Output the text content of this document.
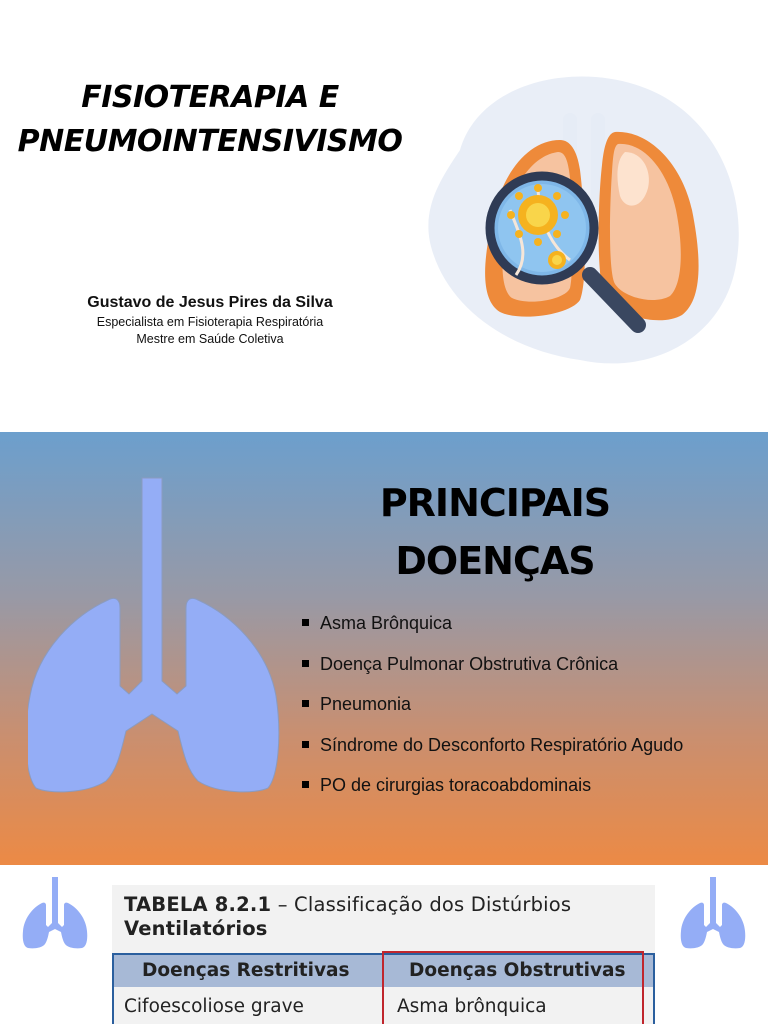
FISIOTERAPIA E
PNEUMOINTENSIVISMO
Gustavo de Jesus Pires da Silva
Especialista em Fisioterapia Respiratória
Mestre em Saúde Coletiva
PRINCIPAIS
DOENÇAS
Asma Brônquica
Doença Pulmonar Obstrutiva Crônica
Pneumonia
Síndrome do Desconforto Respiratório Agudo
PO de cirurgias toracoabdominais
TABELA 8.2.1 – Classificação dos Distúrbios
Ventilatórios
Doenças Restritivas	Doenças Obstrutivas
Cifoescoliose grave	Asma brônquica
